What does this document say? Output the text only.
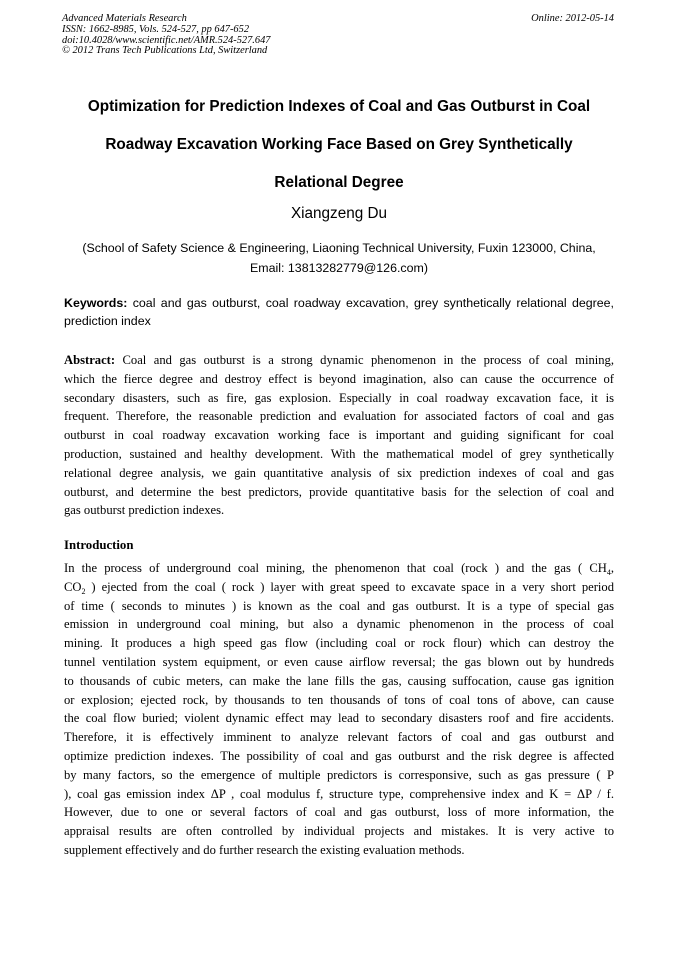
Advanced Materials Research
ISSN: 1662-8985, Vols. 524-527, pp 647-652
doi:10.4028/www.scientific.net/AMR.524-527.647
© 2012 Trans Tech Publications Ltd, Switzerland
Online: 2012-05-14
Optimization for Prediction Indexes of Coal and Gas Outburst in Coal
Roadway Excavation Working Face Based on Grey Synthetically
Relational Degree
Xiangzeng Du
(School of Safety Science & Engineering, Liaoning Technical University, Fuxin 123000, China,
Email: 13813282779@126.com)
Keywords: coal and gas outburst, coal roadway excavation, grey synthetically relational degree,
prediction index
Abstract: Coal and gas outburst is a strong dynamic phenomenon in the process of coal mining,
which the fierce degree and destroy effect is beyond imagination, also can cause the occurrence of
secondary disasters, such as fire, gas explosion. Especially in coal roadway excavation face, it is
frequent. Therefore, the reasonable prediction and evaluation for associated factors of coal and gas
outburst in coal roadway excavation working face is important and guiding significant for coal
production, sustained and healthy development. With the mathematical model of grey synthetically
relational degree analysis, we gain quantitative analysis of six prediction indexes of coal and gas
outburst, and determine the best predictors, provide quantitative basis for the selection of coal and
gas outburst prediction indexes.
Introduction
In the process of underground coal mining, the phenomenon that coal (rock ) and the gas ( $CH_4$,
$CO_2$ ) ejected from the coal ( rock ) layer with great speed to excavate space in a very short period
of time ( seconds to minutes ) is known as the coal and gas outburst. It is a type of special gas
emission in underground coal mining, but also a dynamic phenomenon in the process of coal
mining. It produces a high speed gas flow (including coal or rock flour) which can destroy the
tunnel ventilation system equipment, or even cause airflow reversal; the gas blown out by hundreds
to thousands of cubic meters, can make the lane fills the gas, causing suffocation, cause gas ignition
or explosion; ejected rock, by thousands to ten thousands of tons of coal tons of above, can cause
the coal flow buried; violent dynamic effect may lead to secondary disasters roof and fire accidents.
Therefore, it is effectively imminent to analyze relevant factors of coal and gas outburst and
optimize prediction indexes. The possibility of coal and gas outburst and the risk degree is affected
by many factors, so the emergence of multiple predictors is corresponsive, such as gas pressure ( P
), coal gas emission index ΔP , coal modulus f, structure type, comprehensive index and K = ΔP / f.
However, due to one or several factors of coal and gas outburst, loss of more information, the
appraisal results are often controlled by individual projects and mistakes. It is very active to
supplement effectively and do further research the existing evaluation methods.
